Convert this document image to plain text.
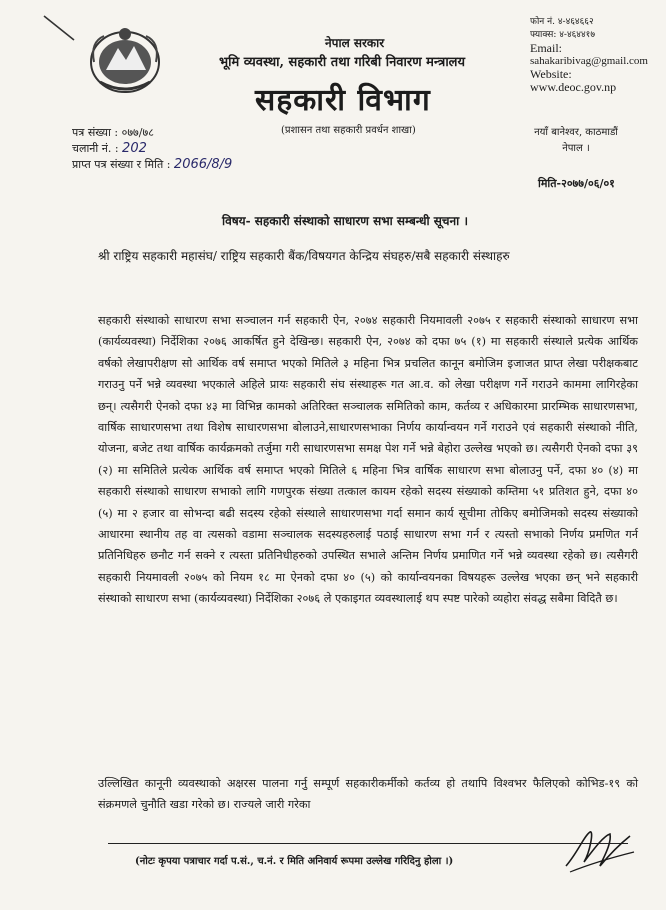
नेपाल सरकार
भूमि व्यवस्था, सहकारी तथा गरिबी निवारण मन्त्रालय
सहकारी विभाग
(प्रशासन तथा सहकारी प्रवर्धन शाखा)
फोन नं. ४-४६४६६२
फ्याक्स: ४-४६४४१७
Email:
sahakaribivag@gmail.com
Website:
www.deoc.gov.np
नयाँ बानेश्वर, काठमाडौं
नेपाल ।
पत्र संख्या : ०७७/७८
चलानी नं. : 202
प्राप्त पत्र संख्या र मिति : 2066/8/9
मिति-२०७७/०६/०१
विषय- सहकारी संस्थाको साधारण सभा सम्बन्धी सूचना ।
श्री राष्ट्रिय सहकारी महासंघ/ राष्ट्रिय सहकारी बैंक/विषयगत केन्द्रिय संघहरु/सबै सहकारी संस्थाहरु
सहकारी संस्थाको साधारण सभा सञ्चालन गर्न सहकारी ऐन, २०७४ सहकारी नियमावली २०७५ र सहकारी संस्थाको साधारण सभा (कार्यव्यवस्था) निर्देशिका २०७६ आकर्षित हुने देखिन्छ। सहकारी ऐन, २०७४ को दफा ७५ (१) मा सहकारी संस्थाले प्रत्येक आर्थिक वर्षको लेखापरीक्षण सो आर्थिक वर्ष समाप्त भएको मितिले ३ महिना भित्र प्रचलित कानून बमोजिम इजाजत प्राप्त लेखा परीक्षकबाट गराउनु पर्ने भन्ने व्यवस्था भएकाले अहिले प्रायः सहकारी संघ संस्थाहरू गत आ.व. को लेखा परीक्षण गर्ने गराउने काममा लागिरहेका छन्। त्यसैगरी ऐनको दफा ४३ मा विभिन्न कामको अतिरिक्त सञ्चालक समितिको काम, कर्तव्य र अधिकारमा प्रारम्भिक साधारणसभा, वार्षिक साधारणसभा तथा विशेष साधारणसभा बोलाउने,साधारणसभाका निर्णय कार्यान्वयन गर्ने गराउने एवं सहकारी संस्थाको नीति, योजना, बजेट तथा वार्षिक कार्यक्रमको तर्जुमा गरी साधारणसभा समक्ष पेश गर्ने भन्ने बेहोरा उल्लेख भएको छ। त्यसैगरी ऐनको दफा ३९ (२) मा समितिले प्रत्येक आर्थिक वर्ष समाप्त भएको मितिले ६ महिना भित्र वार्षिक साधारण सभा बोलाउनु पर्ने, दफा ४० (४) मा सहकारी संस्थाको साधारण सभाको लागि गणपुरक संख्या तत्काल कायम रहेको सदस्य संख्याको कम्तिमा ५१ प्रतिशत हुने, दफा ४० (५) मा २ हजार वा सोभन्दा बढी सदस्य रहेको संस्थाले साधारणसभा गर्दा समान कार्य सूचीमा तोकिए बमोजिमको सदस्य संख्याको आधारमा स्थानीय तह वा त्यसको वडामा सञ्चालक सदस्यहरुलाई पठाई साधारण सभा गर्न र त्यस्तो सभाको निर्णय प्रमणित गर्न प्रतिनिधिहरु छनौट गर्न सक्ने र त्यस्ता प्रतिनिधीहरुको उपस्थित सभाले अन्तिम निर्णय प्रमाणित गर्ने भन्ने व्यवस्था रहेको छ। त्यसैगरी सहकारी नियमावली २०७५ को नियम १८ मा ऐनको दफा ४० (५) को कार्यान्वयनका विषयहरू उल्लेख भएका छन् भने सहकारी संस्थाको साधारण सभा (कार्यव्यवस्था) निर्देशिका २०७६ ले एकाइगत व्यवस्थालाई थप स्पष्ट पारेको व्यहोरा संवद्ध सबैमा विदितै छ।
उल्लिखित कानूनी व्यवस्थाको अक्षरस पालना गर्नु सम्पूर्ण सहकारीकर्मीको कर्तव्य हो तथापि विश्वभर फैलिएको कोभिड-१९ को संक्रमणले चुनौति खडा गरेको छ। राज्यले जारी गरेका
(नोटः कृपया पत्राचार गर्दा प.सं., च.नं. र मिति अनिवार्य रूपमा उल्लेख गरिदिनु होला ।)
